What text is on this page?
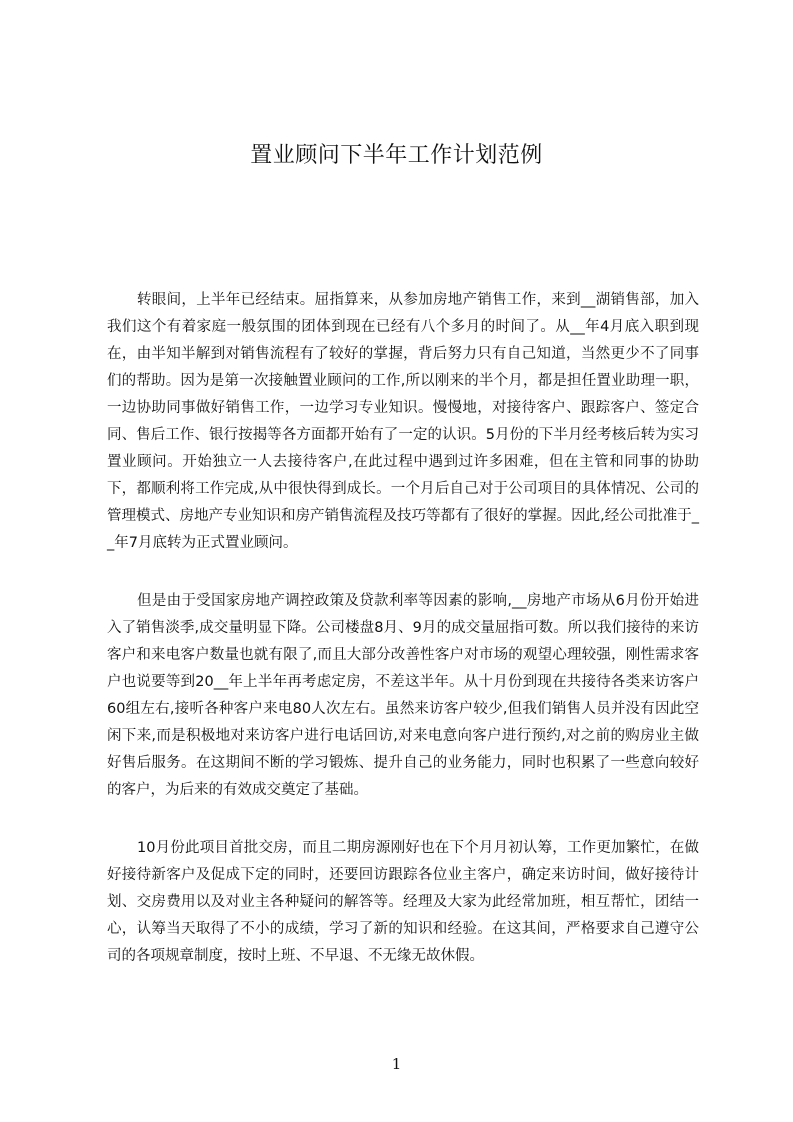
置业顾问下半年工作计划范例

转眼间，上半年已经结束。屈指算来，从参加房地产销售工作，来到__湖销售部，加入我们这个有着家庭一般氛围的团体到现在已经有八个多月的时间了。从__年4月底入职到现在，由半知半解到对销售流程有了较好的掌握，背后努力只有自己知道，当然更少不了同事们的帮助。因为是第一次接触置业顾问的工作,所以刚来的半个月，都是担任置业助理一职，一边协助同事做好销售工作，一边学习专业知识。慢慢地，对接待客户、跟踪客户、签定合同、售后工作、银行按揭等各方面都开始有了一定的认识。5月份的下半月经考核后转为实习置业顾问。开始独立一人去接待客户,在此过程中遇到过许多困难，但在主管和同事的协助下，都顺利将工作完成,从中很快得到成长。一个月后自己对于公司项目的具体情况、公司的管理模式、房地产专业知识和房产销售流程及技巧等都有了很好的掌握。因此,经公司批准于__年7月底转为正式置业顾问。

但是由于受国家房地产调控政策及贷款利率等因素的影响,__房地产市场从6月份开始进入了销售淡季,成交量明显下降。公司楼盘8月、9月的成交量屈指可数。所以我们接待的来访客户和来电客户数量也就有限了,而且大部分改善性客户对市场的观望心理较强，刚性需求客户也说要等到20__年上半年再考虑定房，不差这半年。从十月份到现在共接待各类来访客户60组左右,接听各种客户来电80人次左右。虽然来访客户较少,但我们销售人员并没有因此空闲下来,而是积极地对来访客户进行电话回访,对来电意向客户进行预约,对之前的购房业主做好售后服务。在这期间不断的学习锻炼、提升自己的业务能力，同时也积累了一些意向较好的客户，为后来的有效成交奠定了基础。

10月份此项目首批交房，而且二期房源刚好也在下个月月初认筹，工作更加繁忙，在做好接待新客户及促成下定的同时，还要回访跟踪各位业主客户，确定来访时间，做好接待计划、交房费用以及对业主各种疑问的解答等。经理及大家为此经常加班，相互帮忙，团结一心，认筹当天取得了不小的成绩，学习了新的知识和经验。在这其间，严格要求自己遵守公司的各项规章制度，按时上班、不早退、不无缘无故休假。

1
